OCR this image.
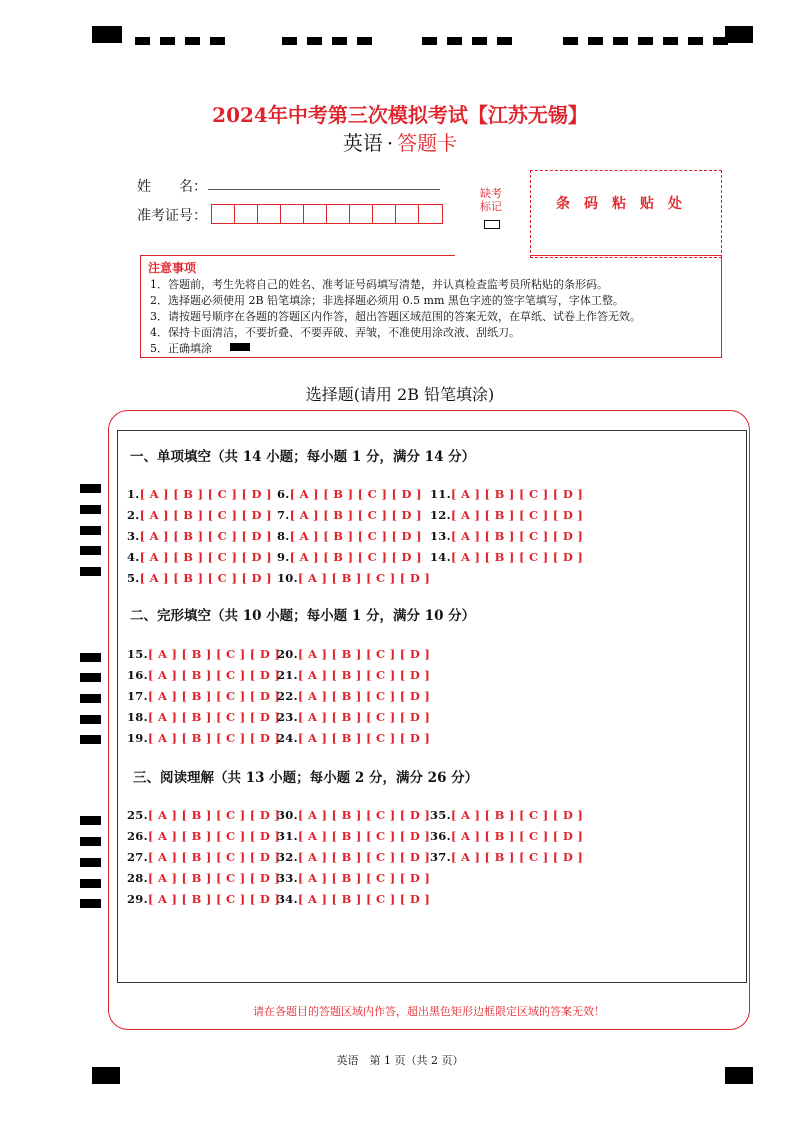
2024年中考第三次模拟考试【江苏无锡】
英语 · 答题卡
姓　　名：
准考证号：
缺考标记	条码粘贴处
注意事项
1．答题前，考生先将自己的姓名、准考证号码填写清楚，并认真检查监考员所粘贴的条形码。
2．选择题必须使用 2B 铅笔填涂；非选择题必须用 0.5 mm 黑色字迹的签字笔填写，字体工整。
3．请按题号顺序在各题的答题区内作答，超出答题区域范围的答案无效，在草纸、试卷上作答无效。
4．保持卡面清洁，不要折叠、不要弄破、弄皱，不准使用涂改液、刮纸刀。
5．正确填涂
选择题(请用 2B 铅笔填涂)
一、单项填空（共 14 小题；每小题 1 分，满分 14 分）
二、完形填空（共 10 小题；每小题 1 分，满分 10 分）
三、阅读理解（共 13 小题；每小题 2 分，满分 26 分）
1.[ A ] [ B ] [ C ] [ D ]
2.[ A ] [ B ] [ C ] [ D ]
3.[ A ] [ B ] [ C ] [ D ]
4.[ A ] [ B ] [ C ] [ D ]
5.[ A ] [ B ] [ C ] [ D ]
6.[ A ] [ B ] [ C ] [ D ]
7.[ A ] [ B ] [ C ] [ D ]
8.[ A ] [ B ] [ C ] [ D ]
9.[ A ] [ B ] [ C ] [ D ]
10.[ A ] [ B ] [ C ] [ D ]
11.[ A ] [ B ] [ C ] [ D ]
12.[ A ] [ B ] [ C ] [ D ]
13.[ A ] [ B ] [ C ] [ D ]
14.[ A ] [ B ] [ C ] [ D ]
15.[ A ] [ B ] [ C ] [ D ]
16.[ A ] [ B ] [ C ] [ D ]
17.[ A ] [ B ] [ C ] [ D ]
18.[ A ] [ B ] [ C ] [ D ]
19.[ A ] [ B ] [ C ] [ D ]
20.[ A ] [ B ] [ C ] [ D ]
21.[ A ] [ B ] [ C ] [ D ]
22.[ A ] [ B ] [ C ] [ D ]
23.[ A ] [ B ] [ C ] [ D ]
24.[ A ] [ B ] [ C ] [ D ]
25.[ A ] [ B ] [ C ] [ D ]
26.[ A ] [ B ] [ C ] [ D ]
27.[ A ] [ B ] [ C ] [ D ]
28.[ A ] [ B ] [ C ] [ D ]
29.[ A ] [ B ] [ C ] [ D ]
30.[ A ] [ B ] [ C ] [ D ]
31.[ A ] [ B ] [ C ] [ D ]
32.[ A ] [ B ] [ C ] [ D ]
33.[ A ] [ B ] [ C ] [ D ]
34.[ A ] [ B ] [ C ] [ D ]
35.[ A ] [ B ] [ C ] [ D ]
36.[ A ] [ B ] [ C ] [ D ]
37.[ A ] [ B ] [ C ] [ D ]
请在各题目的答题区域内作答，超出黑色矩形边框限定区域的答案无效！
英语　第 1 页（共 2 页）
